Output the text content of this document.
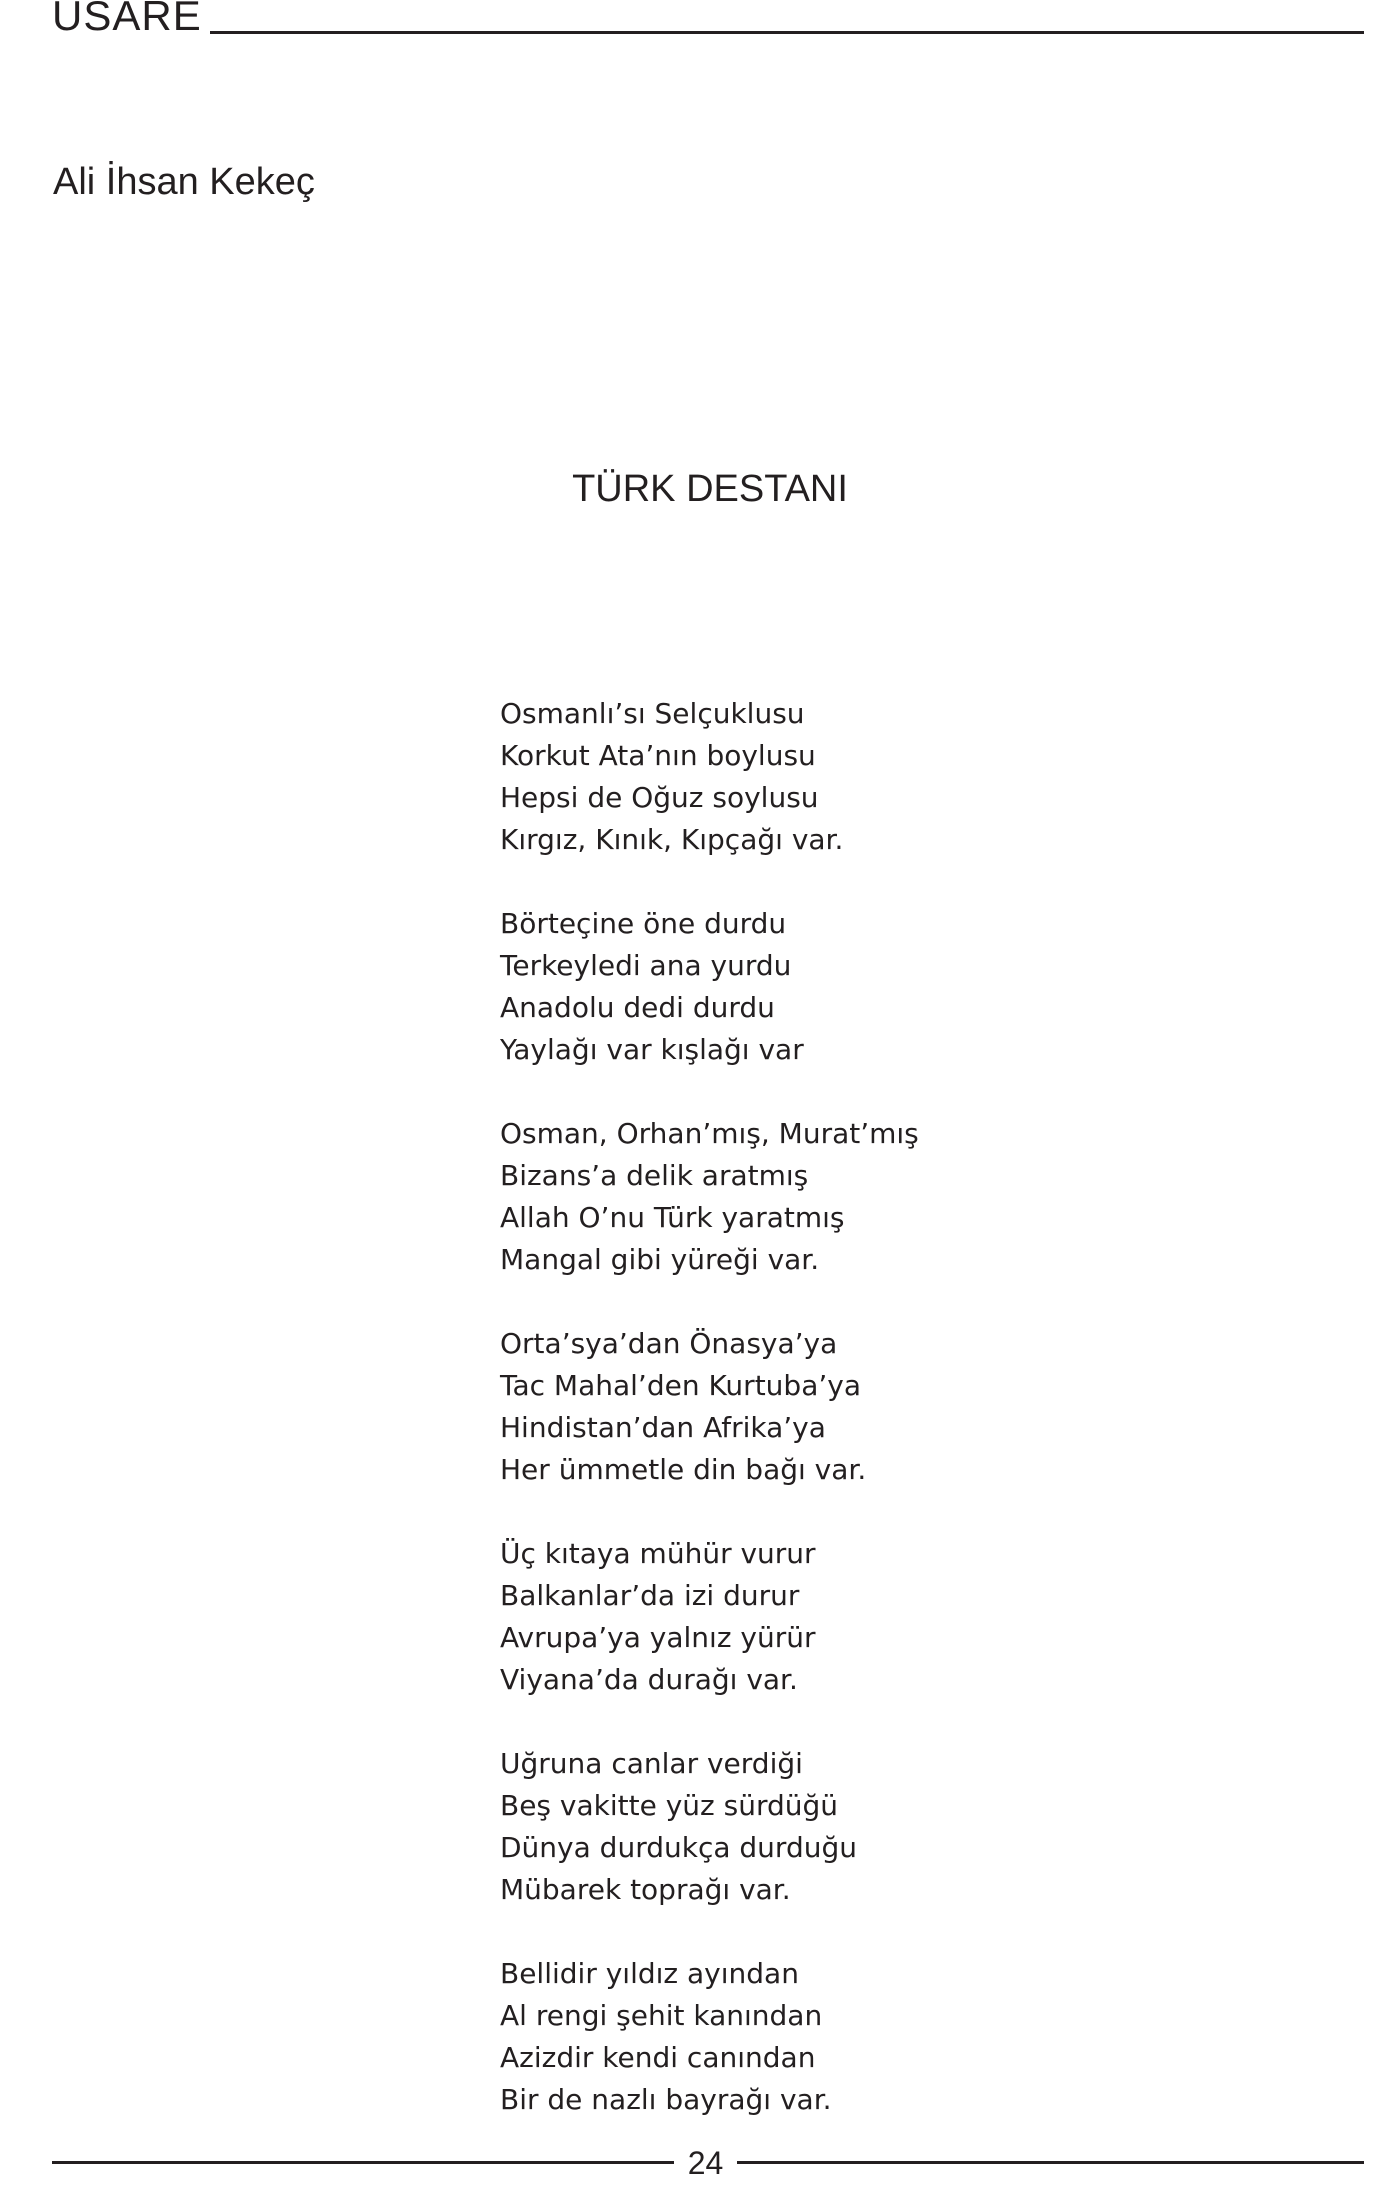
USARE
Ali İhsan Kekeç
TÜRK DESTANI
Osmanlı’sı Selçuklusu
Korkut Ata’nın boylusu
Hepsi de Oğuz soylusu
Kırgız, Kınık, Kıpçağı var.
Börteçine öne durdu
Terkeyledi ana yurdu
Anadolu dedi durdu
Yaylağı var kışlağı var
Osman, Orhan’mış, Murat’mış
Bizans’a delik aratmış
Allah O’nu Türk yaratmış
Mangal gibi yüreği var.
Orta’sya’dan Önasya’ya
Tac Mahal’den Kurtuba’ya
Hindistan’dan Afrika’ya
Her ümmetle din bağı var.
Üç kıtaya mühür vurur
Balkanlar’da izi durur
Avrupa’ya yalnız yürür
Viyana’da durağı var.
Uğruna canlar verdiği
Beş vakitte yüz sürdüğü
Dünya durdukça durduğu
Mübarek toprağı var.
Bellidir yıldız ayından
Al rengi şehit kanından
Azizdir kendi canından
Bir de nazlı bayrağı var.
24
